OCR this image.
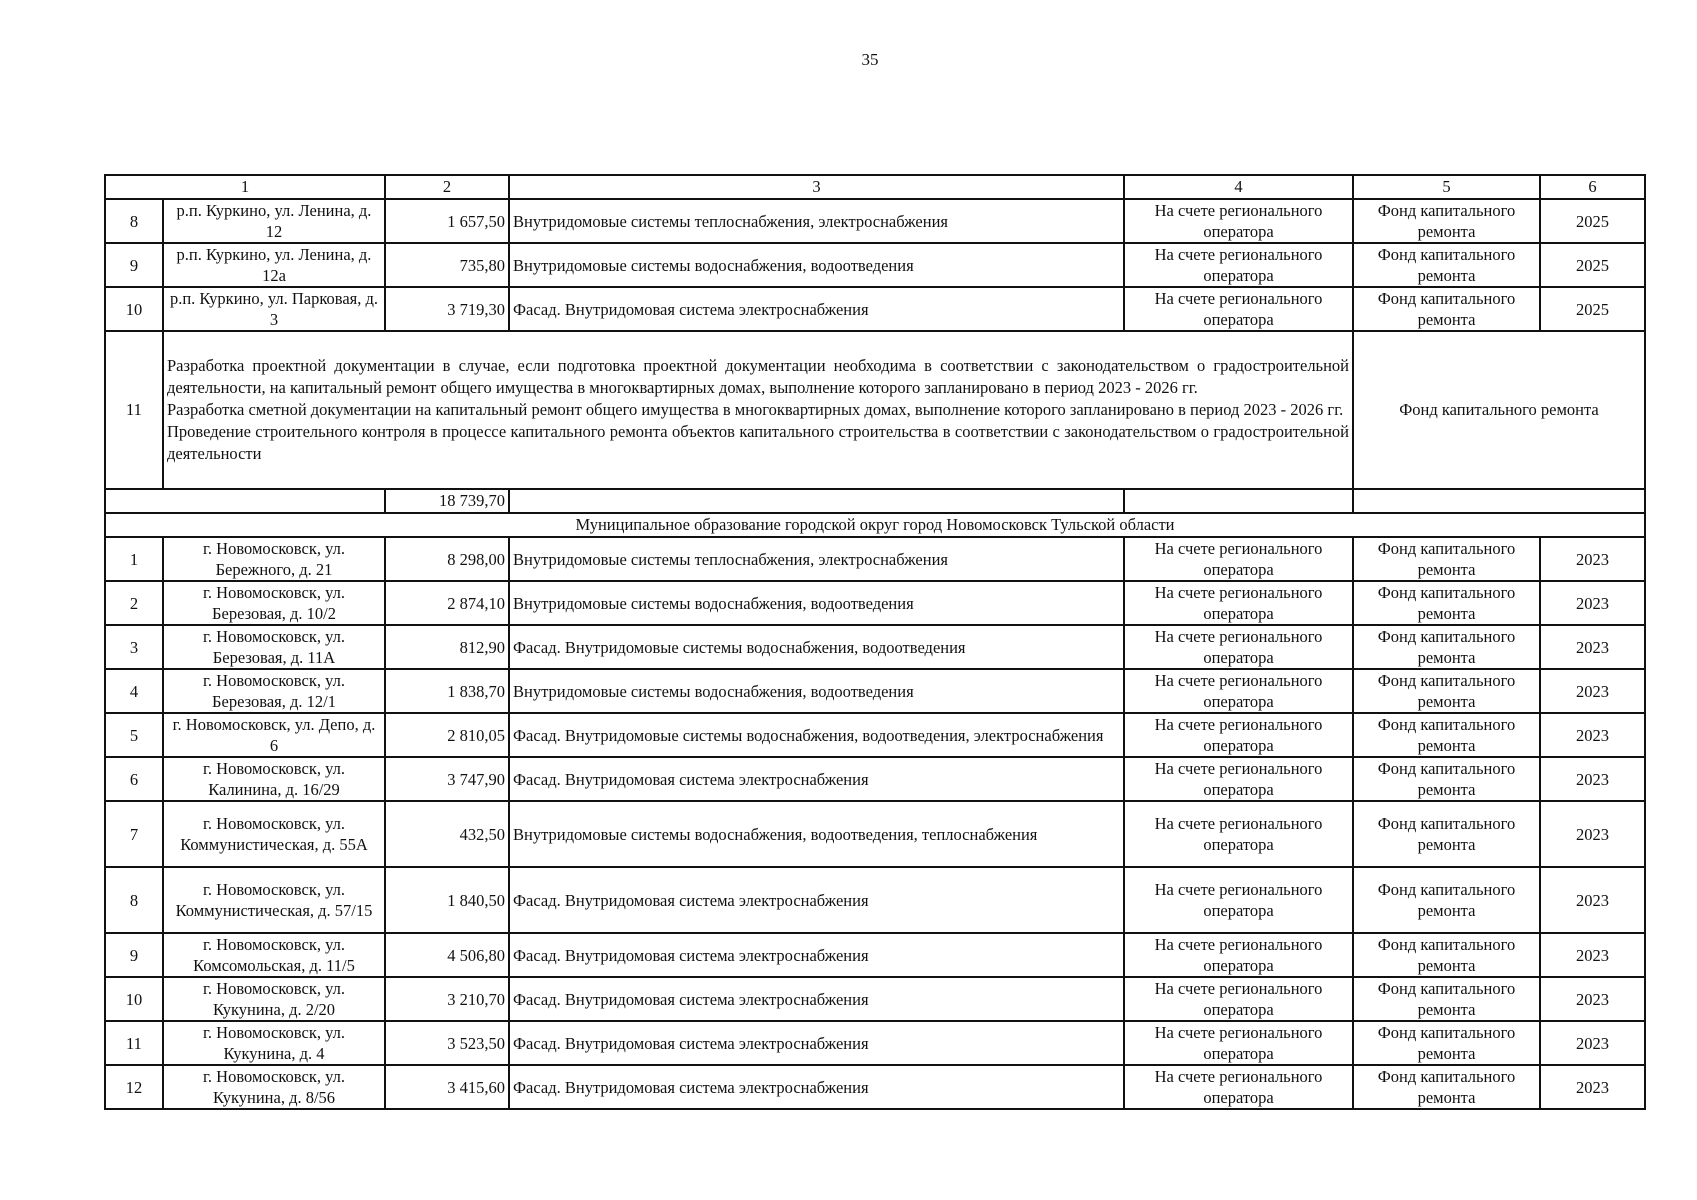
35
1		2	3	4	5	6
8	р.п. Куркино, ул. Ленина, д. 12	1 657,50	Внутридомовые системы теплоснабжения, электроснабжения	На счете регионального оператора	Фонд капитального ремонта	2025
9	р.п. Куркино, ул. Ленина, д. 12а	735,80	Внутридомовые системы водоснабжения, водоотведения	На счете регионального оператора	Фонд капитального ремонта	2025
10	р.п. Куркино, ул. Парковая, д. 3	3 719,30	Фасад. Внутридомовая система электроснабжения	На счете регионального оператора	Фонд капитального ремонта	2025
11	Разработка проектной документации в случае, если подготовка проектной документации необходима в соответствии с законодательством о градостроительной деятельности, на капитальный ремонт общего имущества в многоквартирных домах, выполнение которого запланировано в период 2023 - 2026 гг.
Разработка сметной документации на капитальный ремонт общего имущества в многоквартирных домах, выполнение которого запланировано в период 2023 - 2026 гг.
Проведение строительного контроля в процессе капитального ремонта объектов капитального строительства в соответствии с законодательством о градостроительной деятельности				Фонд капитального ремонта	
		18 739,70				
Муниципальное образование городской округ город Новомосковск Тульской области						
1	г. Новомосковск, ул. Бережного, д. 21	8 298,00	Внутридомовые системы теплоснабжения, электроснабжения	На счете регионального оператора	Фонд капитального ремонта	2023
2	г. Новомосковск, ул. Березовая, д. 10/2	2 874,10	Внутридомовые системы водоснабжения, водоотведения	На счете регионального оператора	Фонд капитального ремонта	2023
3	г. Новомосковск, ул. Березовая, д. 11А	812,90	Фасад. Внутридомовые системы водоснабжения, водоотведения	На счете регионального оператора	Фонд капитального ремонта	2023
4	г. Новомосковск, ул. Березовая, д. 12/1	1 838,70	Внутридомовые системы водоснабжения, водоотведения	На счете регионального оператора	Фонд капитального ремонта	2023
5	г. Новомосковск, ул. Депо, д. 6	2 810,05	Фасад. Внутридомовые системы водоснабжения, водоотведения, электроснабжения	На счете регионального оператора	Фонд капитального ремонта	2023
6	г. Новомосковск, ул. Калинина, д. 16/29	3 747,90	Фасад. Внутридомовая система электроснабжения	На счете регионального оператора	Фонд капитального ремонта	2023
7	г. Новомосковск, ул. Коммунистическая, д. 55А	432,50	Внутридомовые системы водоснабжения, водоотведения, теплоснабжения	На счете регионального оператора	Фонд капитального ремонта	2023
8	г. Новомосковск, ул. Коммунистическая, д. 57/15	1 840,50	Фасад. Внутридомовая система электроснабжения	На счете регионального оператора	Фонд капитального ремонта	2023
9	г. Новомосковск, ул. Комсомольская, д. 11/5	4 506,80	Фасад. Внутридомовая система электроснабжения	На счете регионального оператора	Фонд капитального ремонта	2023
10	г. Новомосковск, ул. Кукунина, д. 2/20	3 210,70	Фасад. Внутридомовая система электроснабжения	На счете регионального оператора	Фонд капитального ремонта	2023
11	г. Новомосковск, ул. Кукунина, д. 4	3 523,50	Фасад. Внутридомовая система электроснабжения	На счете регионального оператора	Фонд капитального ремонта	2023
12	г. Новомосковск, ул. Кукунина, д. 8/56	3 415,60	Фасад. Внутридомовая система электроснабжения	На счете регионального оператора	Фонд капитального ремонта	2023
